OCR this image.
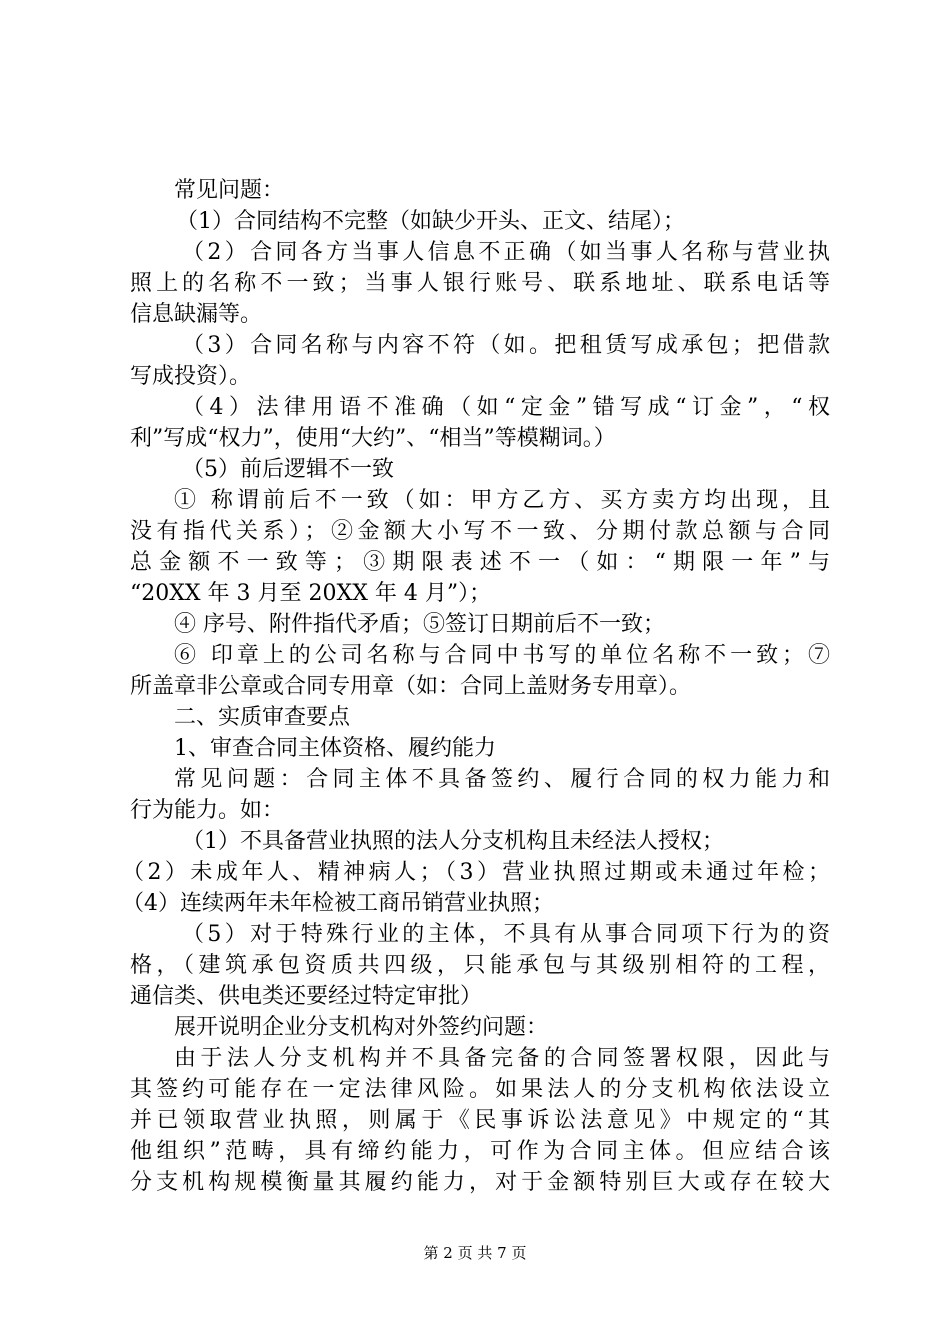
常见问题：
（1）合同结构不完整（如缺少开头、正文、结尾）；
（2）合同各方当事人信息不正确（如当事人名称与营业执
照上的名称不一致；当事人银行账号、联系地址、联系电话等
信息缺漏等。
（3）合同名称与内容不符（如。把租赁写成承包；把借款
写成投资）。
（4）法律用语不准确（如“定金”错写成“订金”，“权
利”写成“权力”，使用“大约”、“相当”等模糊词。）
（5）前后逻辑不一致
① 称谓前后不一致（如：甲方乙方、买方卖方均出现，且
没有指代关系）；②金额大小写不一致、分期付款总额与合同
总金额不一致等；③期限表述不一（如：“期限一年”与
“20XX 年 3 月至 20XX 年 4 月”）；
④ 序号、附件指代矛盾；⑤签订日期前后不一致；
⑥ 印章上的公司名称与合同中书写的单位名称不一致；⑦
所盖章非公章或合同专用章（如：合同上盖财务专用章）。
二、实质审查要点
1、审查合同主体资格、履约能力
常见问题：合同主体不具备签约、履行合同的权力能力和
行为能力。如：
（1）不具备营业执照的法人分支机构且未经法人授权；
（2）未成年人、精神病人；（3）营业执照过期或未通过年检；
（4）连续两年未年检被工商吊销营业执照；
（5）对于特殊行业的主体，不具有从事合同项下行为的资
格，（建筑承包资质共四级，只能承包与其级别相符的工程，
通信类、供电类还要经过特定审批）
展开说明企业分支机构对外签约问题：
由于法人分支机构并不具备完备的合同签署权限，因此与
其签约可能存在一定法律风险。如果法人的分支机构依法设立
并已领取营业执照，则属于《民事诉讼法意见》中规定的“其
他组织”范畴，具有缔约能力，可作为合同主体。但应结合该
分支机构规模衡量其履约能力，对于金额特别巨大或存在较大
第 2 页 共 7 页
